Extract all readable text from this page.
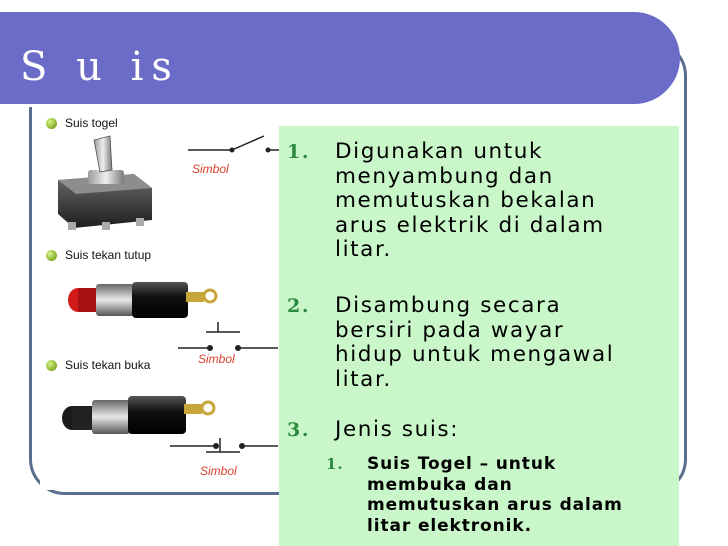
S u is
Suis togel
Simbol
Suis tekan tutup
Simbol
Suis tekan buka
Simbol
1. Digunakan untuk
menyambung dan
memutuskan bekalan
arus elektrik di dalam
litar.
2. Disambung secara
bersiri pada wayar
hidup untuk mengawal
litar.
3. Jenis suis:
1. Suis Togel – untuk
membuka dan
memutuskan arus dalam
litar elektronik.
